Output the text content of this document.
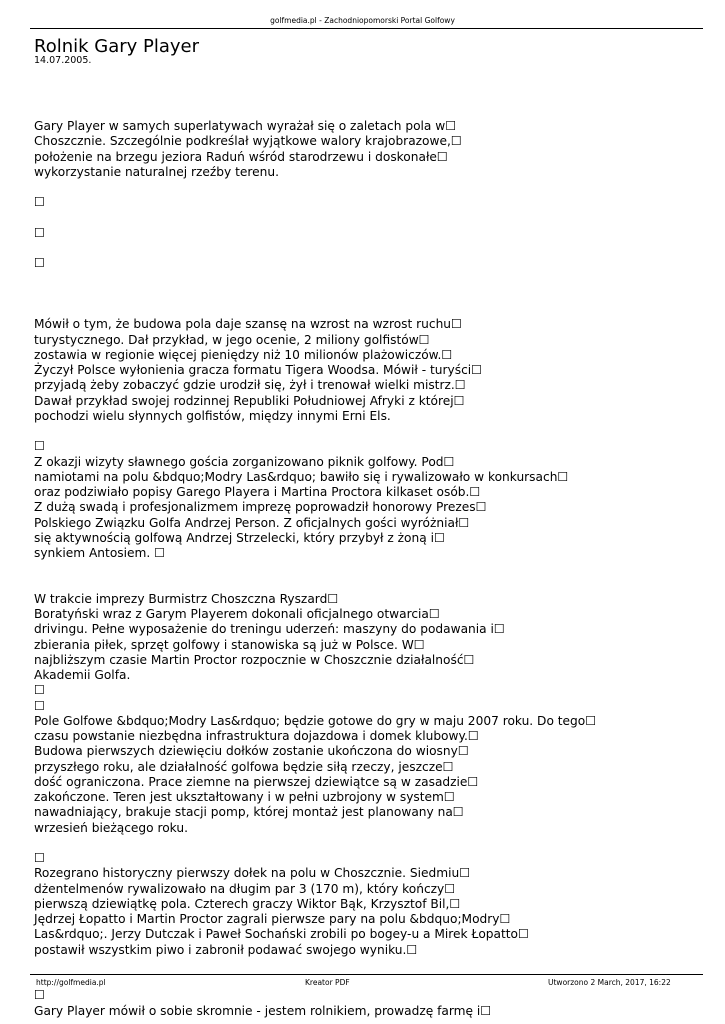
golfmedia.pl - Zachodniopomorski Portal Golfowy
Rolnik Gary Player
14.07.2005.
Gary Player w samych superlatywach wyrażał się o zaletach pola w☐
Choszcznie. Szczególnie podkreślał wyjątkowe walory krajobrazowe,☐
położenie na brzegu jeziora Raduń wśród starodrzewu i doskonałe☐
wykorzystanie naturalnej rzeźby terenu.
☐
☐
☐
Mówił o tym, że budowa pola daje szansę na wzrost na wzrost ruchu☐
turystycznego. Dał przykład, w jego ocenie, 2 miliony golfistów☐
zostawia w regionie więcej pieniędzy niż 10 milionów plażowiczów.☐
Życzył Polsce wyłonienia gracza formatu Tigera Woodsa. Mówił - turyści☐
przyjadą żeby zobaczyć gdzie urodził się, żył i trenował wielki mistrz.☐
Dawał przykład swojej rodzinnej Republiki Południowej Afryki z której☐
pochodzi wielu słynnych golfistów, między innymi Erni Els.
☐
Z okazji wizyty sławnego gościa zorganizowano piknik golfowy. Pod☐
namiotami na polu &bdquo;Modry Las&rdquo; bawiło się i rywalizowało w konkursach☐
oraz podziwiało popisy Garego Playera i Martina Proctora kilkaset osób.☐
Z dużą swadą i profesjonalizmem imprezę poprowadził honorowy Prezes☐
Polskiego Związku Golfa Andrzej Person. Z oficjalnych gości wyróżniał☐
się aktywnością golfową Andrzej Strzelecki, który przybył z żoną i☐
synkiem Antosiem. ☐
W trakcie imprezy Burmistrz Choszczna Ryszard☐
Boratyński wraz z Garym Playerem dokonali oficjalnego otwarcia☐
drivingu. Pełne wyposażenie do treningu uderzeń: maszyny do podawania i☐
zbierania piłek, sprzęt golfowy i stanowiska są już w Polsce. W☐
najbliższym czasie Martin Proctor rozpocznie w Choszcznie działalność☐
Akademii Golfa.
☐
☐
Pole Golfowe &bdquo;Modry Las&rdquo; będzie gotowe do gry w maju 2007 roku. Do tego☐
czasu powstanie niezbędna infrastruktura dojazdowa i domek klubowy.☐
Budowa pierwszych dziewięciu dołków zostanie ukończona do wiosny☐
przyszłego roku, ale działalność golfowa będzie siłą rzeczy, jeszcze☐
dość ograniczona. Prace ziemne na pierwszej dziewiątce są w zasadzie☐
zakończone. Teren jest ukształtowany i w pełni uzbrojony w system☐
nawadniający, brakuje stacji pomp, której montaż jest planowany na☐
wrzesień bieżącego roku.
☐
Rozegrano historyczny pierwszy dołek na polu w Choszcznie. Siedmiu☐
dżentelmenów rywalizowało na długim par 3 (170 m), który kończy☐
pierwszą dziewiątkę pola. Czterech graczy Wiktor Bąk, Krzysztof Bil,☐
Jędrzej Łopatto i Martin Proctor zagrali pierwsze pary na polu &bdquo;Modry☐
Las&rdquo;. Jerzy Dutczak i Paweł Sochański zrobili po bogey-u a Mirek Łopatto☐
postawił wszystkim piwo i zabronił podawać swojego wyniku.☐
☐
Gary Player mówił o sobie skromnie - jestem rolnikiem, prowadzę farmę i☐
http://golfmedia.pl	Kreator PDF	Utworzono 2 March, 2017, 16:22
